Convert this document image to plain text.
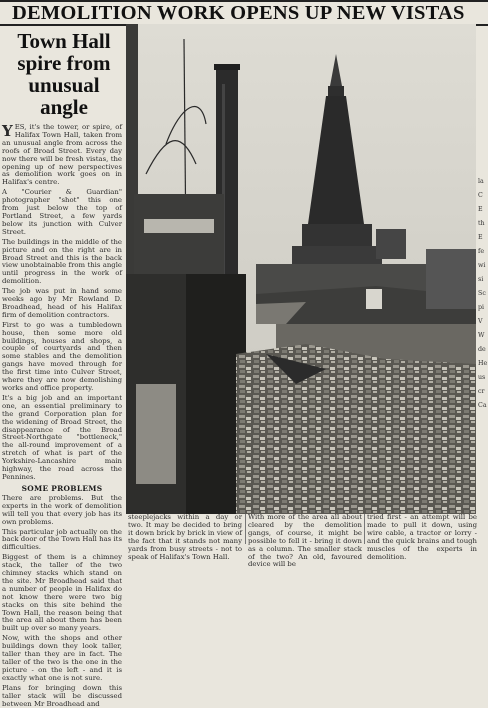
DEMOLITION WORK OPENS UP NEW VISTAS
Town Hall
spire from
unusual
angle

YES, it's the tower, or spire, of Halifax Town Hall, taken from an unusual angle from across the roofs of Broad Street. Every day now there will be fresh vistas, the opening up of new perspectives as demolition work goes on in Halifax's centre.

A "Courier & Guardian" photographer "shot" this one from just below the top of Portland Street, a few yards below its junction with Culver Street.

The buildings in the middle of the picture and on the right are in Broad Street and this is the back view unobtainable from this angle until progress in the work of demolition.

The job was put in hand some weeks ago by Mr Rowland D. Broadhead, head of his Halifax firm of demolition contractors.

First to go was a tumbledown house, then some more old buildings, houses and shops, a couple of courtyards and then some stables and the demolition gangs have moved through for the first time into Culver Street, where they are now demolishing works and office property.

It's a big job and an important one, an essential preliminary to the grand Corporation plan for the widening of Broad Street, the disappearance of the Broad Street-Northgate "bottleneck," the all-round improvement of a stretch of what is part of the Yorkshire-Lancashire main highway, the road across the Pennines.

SOME PROBLEMS

There are problems. But the experts in the work of demolition will tell you that every job has its own problems.

This particular job actually on the back door of the Town Hall has its difficulties.

Biggest of them is a chimney stack, the taller of the two chimney stacks which stand on the site. Mr Broadhead said that a number of people in Halifax do not know there were two big stacks on this site behind the Town Hall, the reason being that the area all about them has been built up over so many years.

Now, with the shops and other buildings down they look taller, taller than they are in fact. The taller of the two is the one in the picture - on the left - and it is exactly what one is not sure.

Plans for bringing down this taller stack will be discussed between Mr Broadhead and

steeplejacks within a day or two. It may be decided to bring it down brick by brick in view of the fact that it stands not many yards from busy streets - not to speak of Halifax's Town Hall.
With more of the area all about cleared by the demolition gangs, of course, it might be possible to fell it - bring it down as a column. The smaller stack of the two? An old, favoured device will be
tried first - an attempt will be made to pull it down, using wire cable, a tractor or lorry - and the quick brains and tough muscles of the experts in demolition.
la
C
E
th
E
fe
wi
si
Sc
pi
V
W
de
He
us
cr
Ca
